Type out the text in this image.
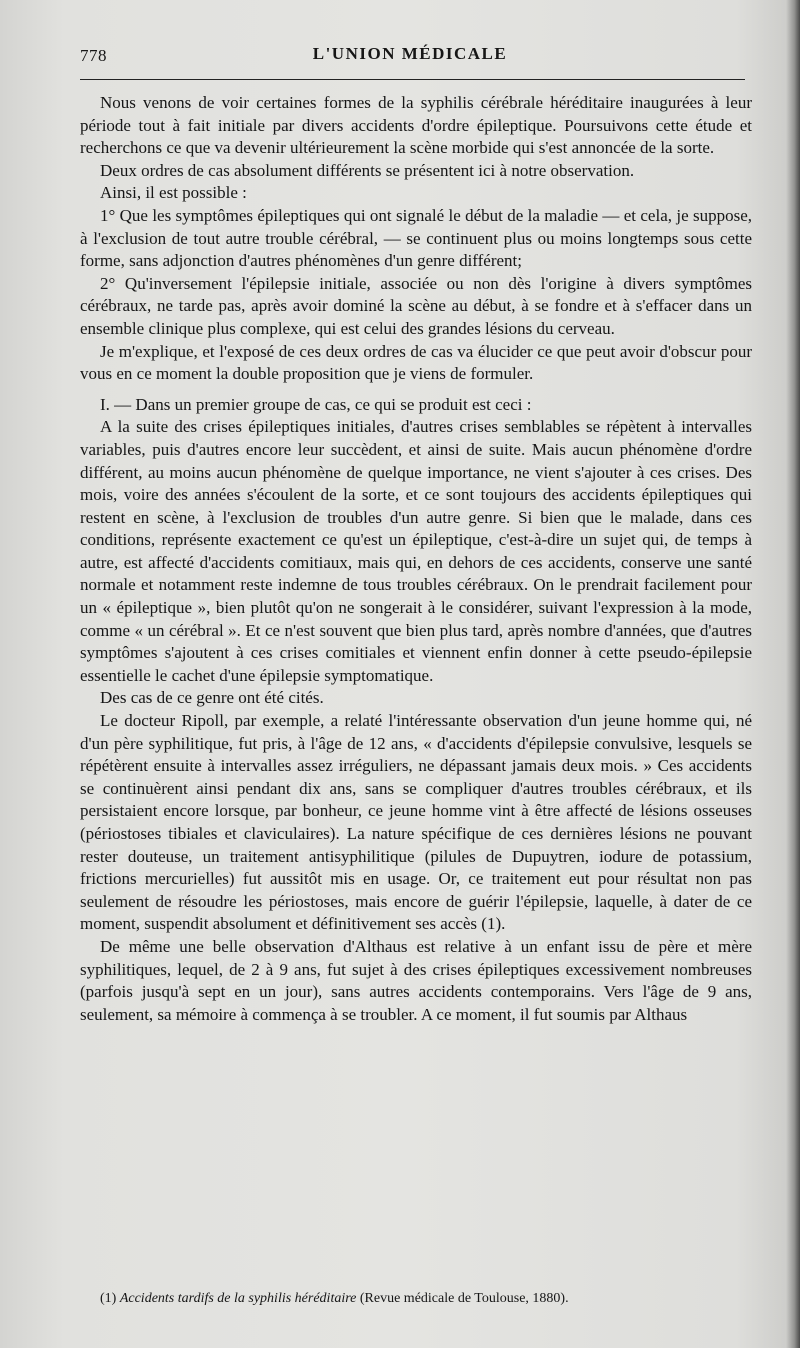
778	L'UNION MÉDICALE

Nous venons de voir certaines formes de la syphilis cérébrale héréditaire inaugurées à leur période tout à fait initiale par divers accidents d'ordre épileptique. Poursuivons cette étude et recherchons ce que va devenir ultérieurement la scène morbide qui s'est annoncée de la sorte.

Deux ordres de cas absolument différents se présentent ici à notre observation.

Ainsi, il est possible :

1° Que les symptômes épileptiques qui ont signalé le début de la maladie — et cela, je suppose, à l'exclusion de tout autre trouble cérébral, — se continuent plus ou moins longtemps sous cette forme, sans adjonction d'autres phénomènes d'un genre différent;

2° Qu'inversement l'épilepsie initiale, associée ou non dès l'origine à divers symptômes cérébraux, ne tarde pas, après avoir dominé la scène au début, à se fondre et à s'effacer dans un ensemble clinique plus complexe, qui est celui des grandes lésions du cerveau.

Je m'explique, et l'exposé de ces deux ordres de cas va élucider ce que peut avoir d'obscur pour vous en ce moment la double proposition que je viens de formuler.

I. — Dans un premier groupe de cas, ce qui se produit est ceci :

A la suite des crises épileptiques initiales, d'autres crises semblables se répètent à intervalles variables, puis d'autres encore leur succèdent, et ainsi de suite. Mais aucun phénomène d'ordre différent, au moins aucun phénomène de quelque importance, ne vient s'ajouter à ces crises. Des mois, voire des années s'écoulent de la sorte, et ce sont toujours des accidents épileptiques qui restent en scène, à l'exclusion de troubles d'un autre genre. Si bien que le malade, dans ces conditions, représente exactement ce qu'est un épileptique, c'est-à-dire un sujet qui, de temps à autre, est affecté d'accidents comitiaux, mais qui, en dehors de ces accidents, conserve une santé normale et notamment reste indemne de tous troubles cérébraux. On le prendrait facilement pour un « épileptique », bien plutôt qu'on ne songerait à le considérer, suivant l'expression à la mode, comme « un cérébral ». Et ce n'est souvent que bien plus tard, après nombre d'années, que d'autres symptômes s'ajoutent à ces crises comitiales et viennent enfin donner à cette pseudo-épilepsie essentielle le cachet d'une épilepsie symptomatique.

Des cas de ce genre ont été cités.

Le docteur Ripoll, par exemple, a relaté l'intéressante observation d'un jeune homme qui, né d'un père syphilitique, fut pris, à l'âge de 12 ans, « d'accidents d'épilepsie convulsive, lesquels se répétèrent ensuite à intervalles assez irréguliers, ne dépassant jamais deux mois. » Ces accidents se continuèrent ainsi pendant dix ans, sans se compliquer d'autres troubles cérébraux, et ils persistaient encore lorsque, par bonheur, ce jeune homme vint à être affecté de lésions osseuses (périostoses tibiales et claviculaires). La nature spécifique de ces dernières lésions ne pouvant rester douteuse, un traitement antisyphilitique (pilules de Dupuytren, iodure de potassium, frictions mercurielles) fut aussitôt mis en usage. Or, ce traitement eut pour résultat non pas seulement de résoudre les périostoses, mais encore de guérir l'épilepsie, laquelle, à dater de ce moment, suspendit absolument et définitivement ses accès (1).

De même une belle observation d'Althaus est relative à un enfant issu de père et mère syphilitiques, lequel, de 2 à 9 ans, fut sujet à des crises épileptiques excessivement nombreuses (parfois jusqu'à sept en un jour), sans autres accidents contemporains. Vers l'âge de 9 ans, seulement, sa mémoire à commença à se troubler. A ce moment, il fut soumis par Althaus

(1) Accidents tardifs de la syphilis héréditaire (Revue médicale de Toulouse, 1880).
